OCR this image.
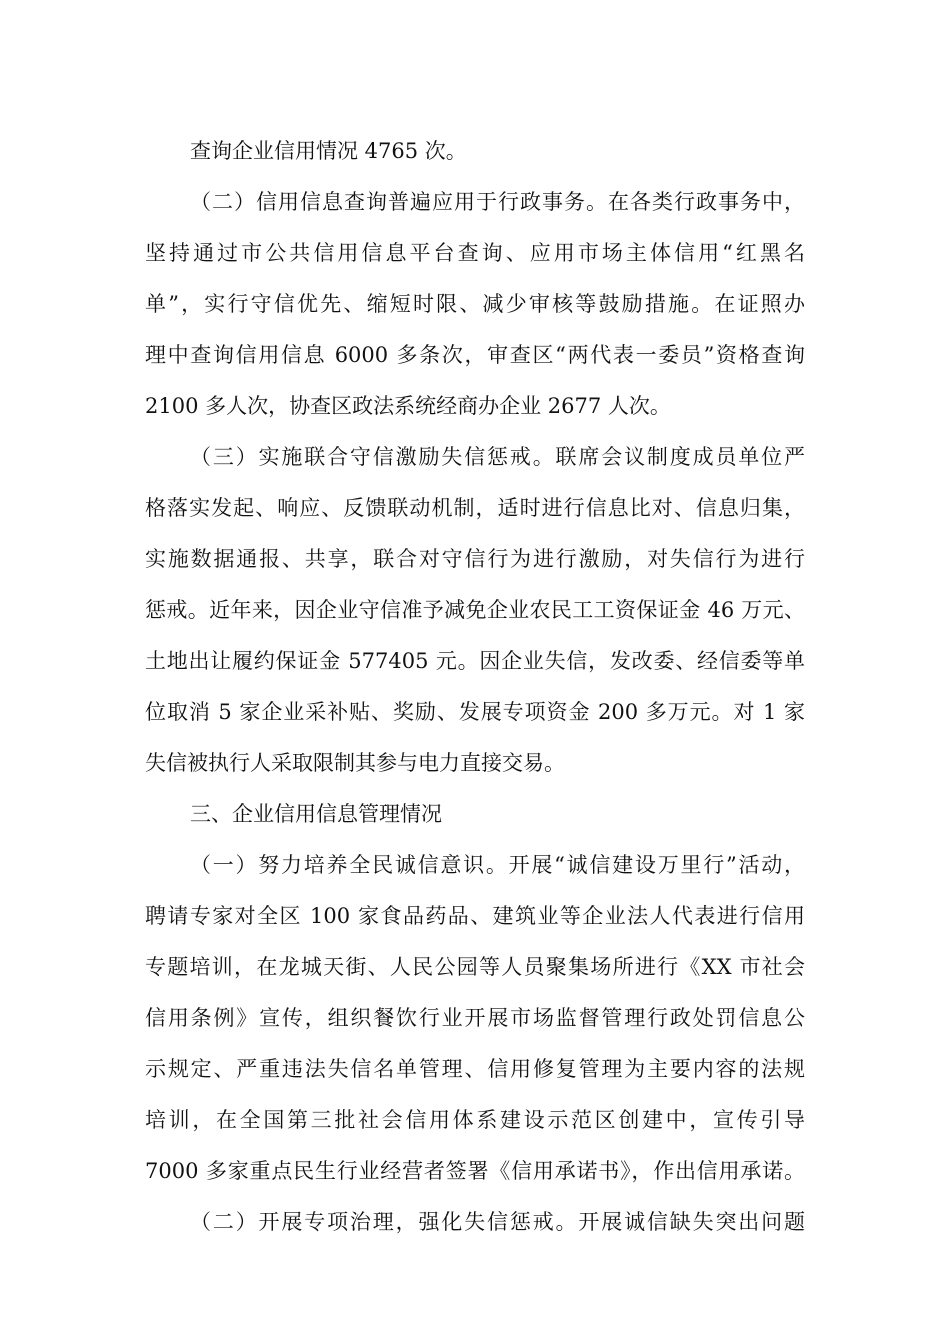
查询企业信用情况 4765 次。
（二）信用信息查询普遍应用于行政事务。在各类行政事务中，
坚持通过市公共信用信息平台查询、应用市场主体信用“红黑名
单”，实行守信优先、缩短时限、减少审核等鼓励措施。在证照办
理中查询信用信息 6000 多条次，审查区“两代表一委员”资格查询
2100 多人次，协查区政法系统经商办企业 2677 人次。
（三）实施联合守信激励失信惩戒。联席会议制度成员单位严
格落实发起、响应、反馈联动机制，适时进行信息比对、信息归集，
实施数据通报、共享，联合对守信行为进行激励，对失信行为进行
惩戒。近年来，因企业守信准予减免企业农民工工资保证金 46 万元、
土地出让履约保证金 577405 元。因企业失信，发改委、经信委等单
位取消 5 家企业采补贴、奖励、发展专项资金 200 多万元。对 1 家
失信被执行人采取限制其参与电力直接交易。
三、企业信用信息管理情况
（一）努力培养全民诚信意识。开展“诚信建设万里行”活动，
聘请专家对全区 100 家食品药品、建筑业等企业法人代表进行信用
专题培训，在龙城天街、人民公园等人员聚集场所进行《XX 市社会
信用条例》宣传，组织餐饮行业开展市场监督管理行政处罚信息公
示规定、严重违法失信名单管理、信用修复管理为主要内容的法规
培训，在全国第三批社会信用体系建设示范区创建中，宣传引导
7000 多家重点民生行业经营者签署《信用承诺书》，作出信用承诺。
（二）开展专项治理，强化失信惩戒。开展诚信缺失突出问题
